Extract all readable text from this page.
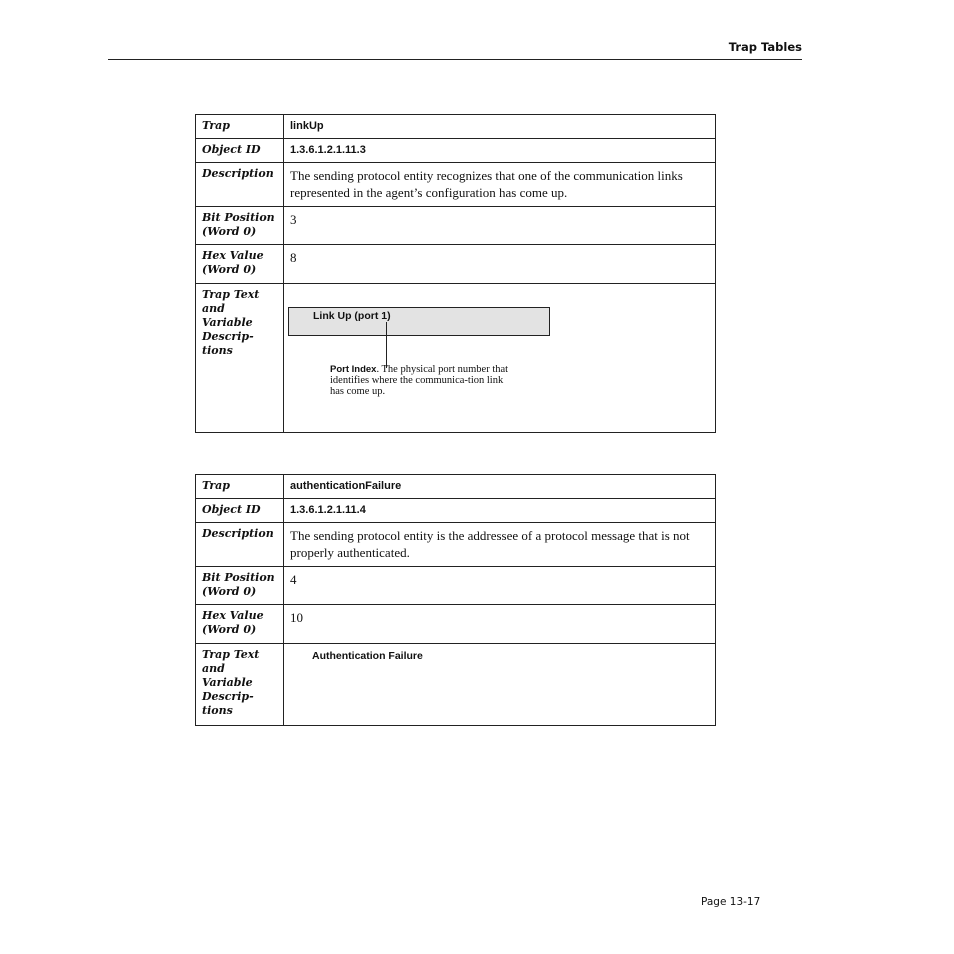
Trap Tables
Trap	linkUp
Object ID	1.3.6.1.2.1.11.3
Description	The sending protocol entity recognizes that one of the communication links represented in the agent’s configuration has come up.
Bit Position (Word 0)	3
Hex Value (Word 0)	8
Trap Text and Variable Descrip-tions	Link Up (port 1)
Port Index. The physical port number that identifies where the communica-tion link has come up.
Trap	authenticationFailure
Object ID	1.3.6.1.2.1.11.4
Description	The sending protocol entity is the addressee of a protocol message that is not properly authenticated.
Bit Position (Word 0)	4
Hex Value (Word 0)	10
Trap Text and Variable Descrip-tions	Authentication Failure
Page 13-17
